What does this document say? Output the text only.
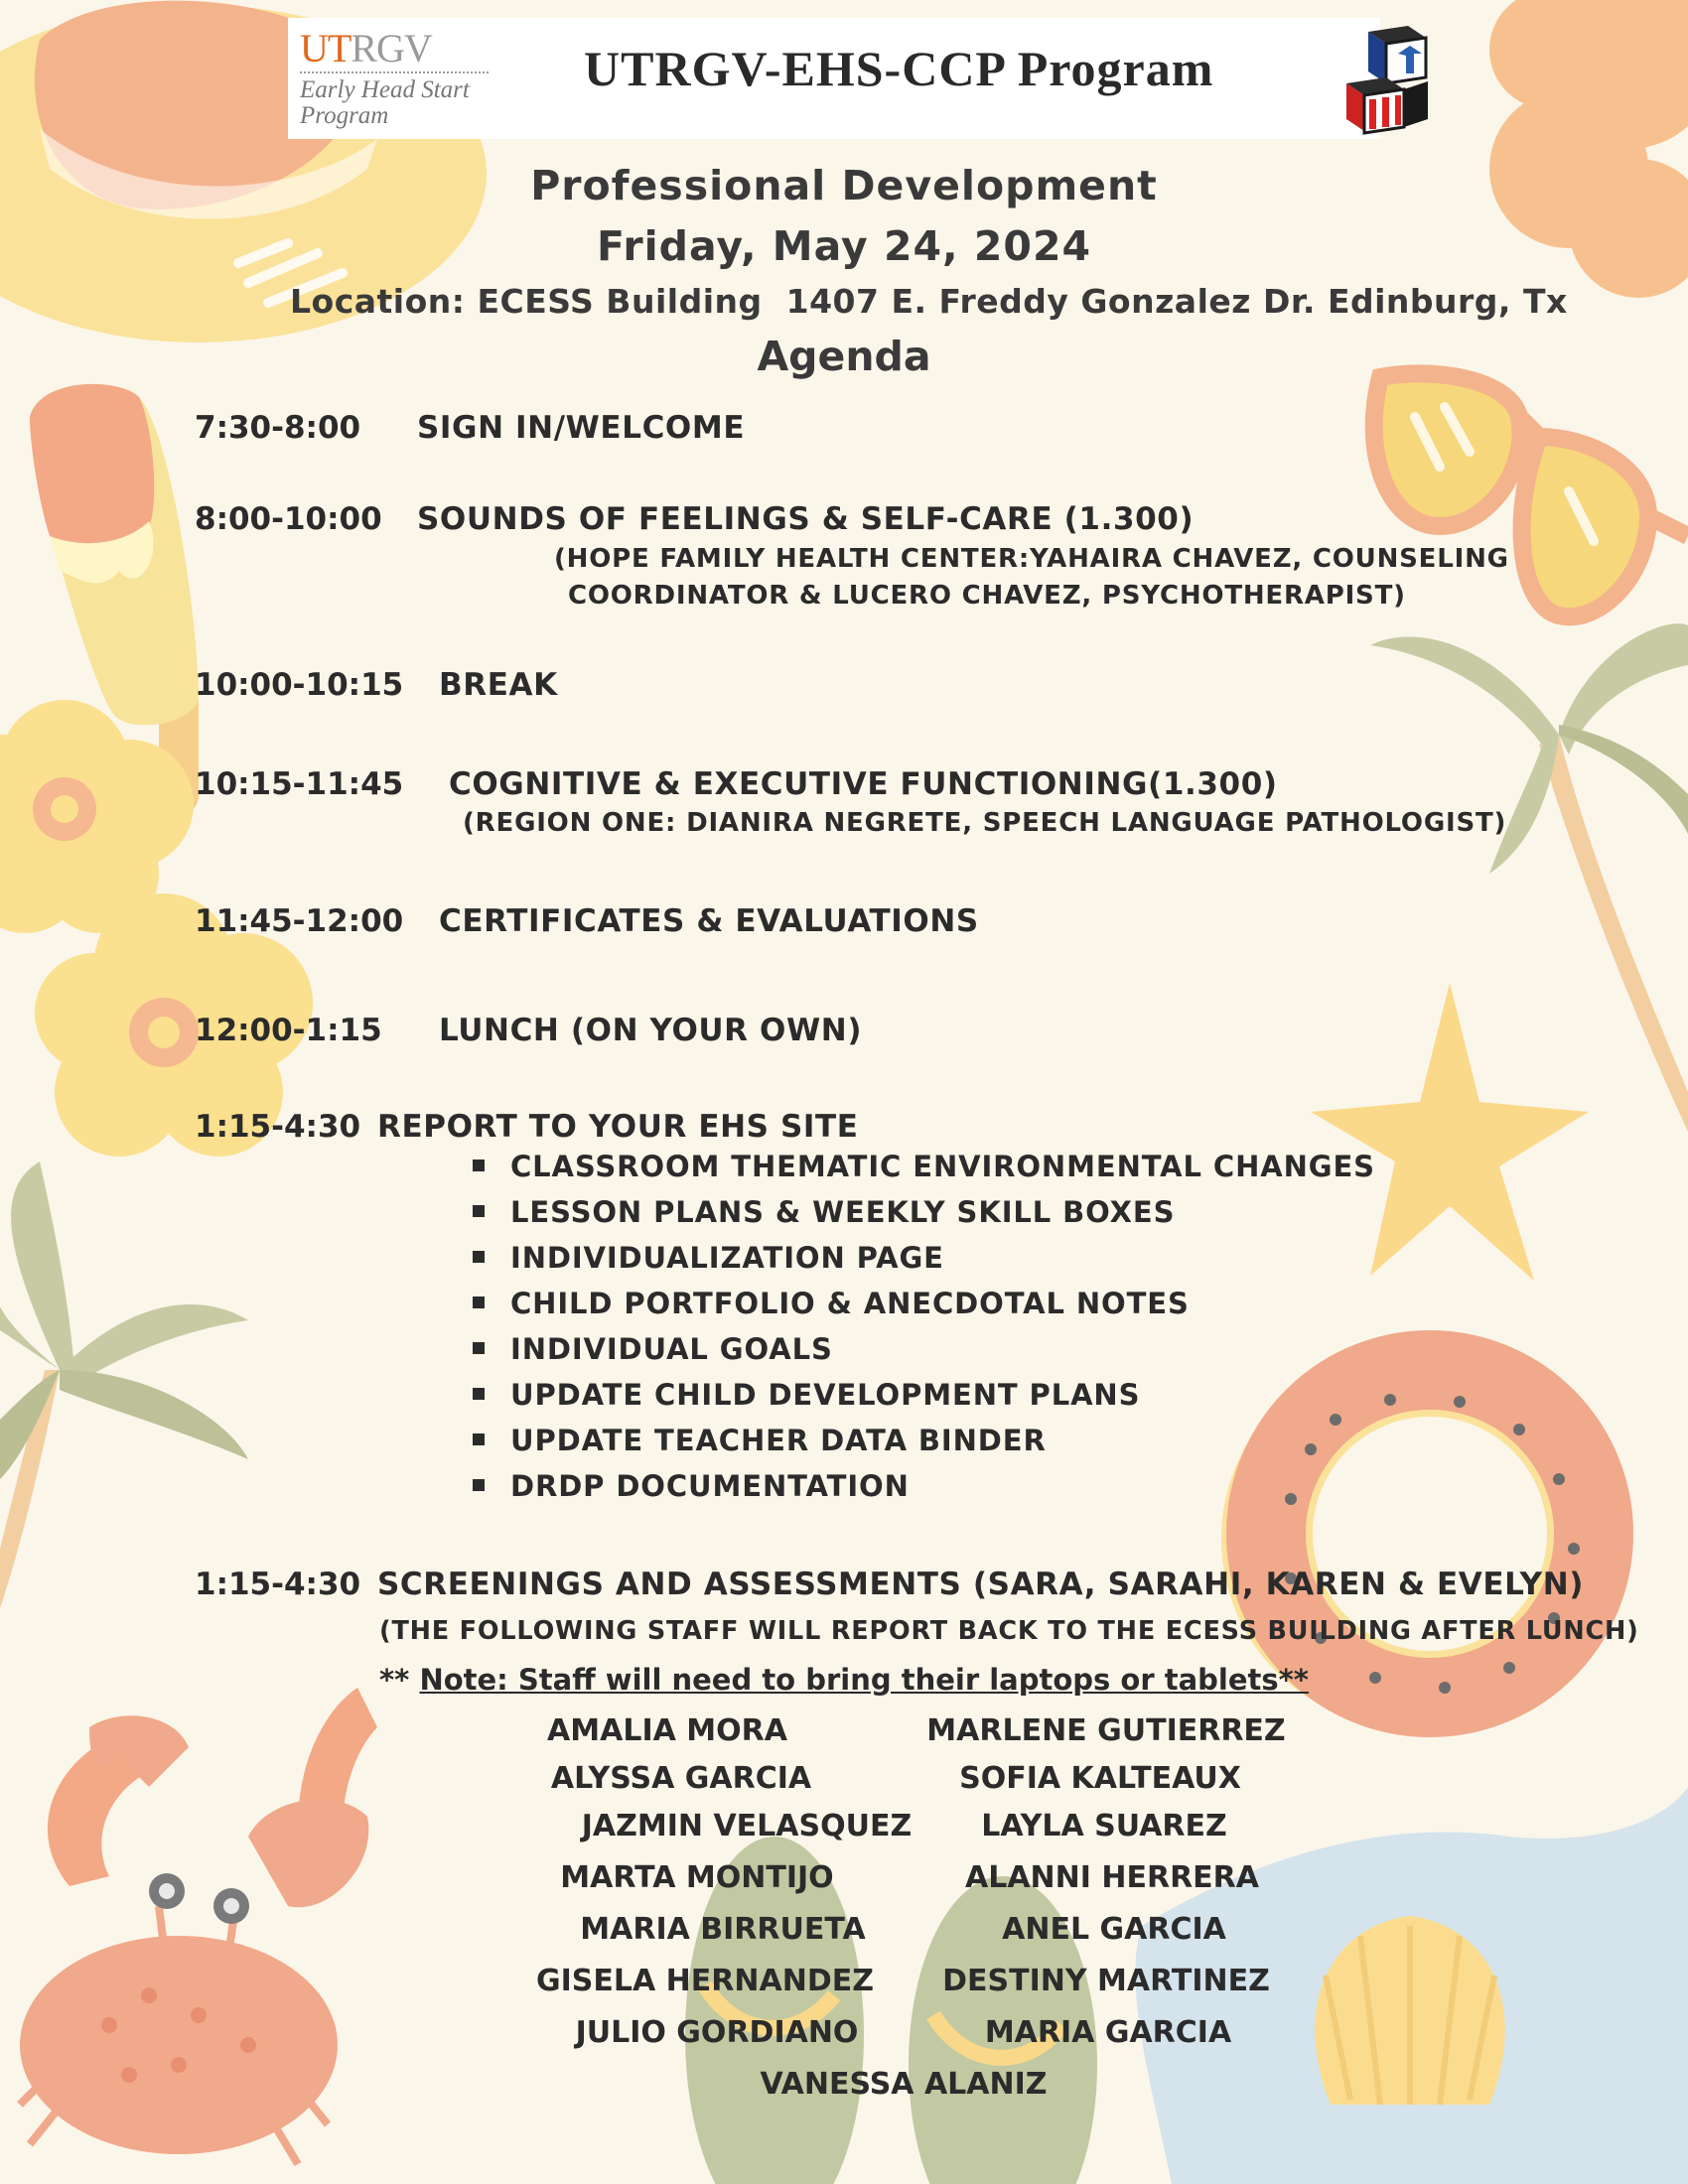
UTRGV
Early Head Start
Program
UTRGV-EHS-CCP Program
Professional Development
Friday, May 24, 2024
Location: ECESS Building  1407 E. Freddy Gonzalez Dr. Edinburg, Tx
Agenda
7:30-8:00 SIGN IN/WELCOME
8:00-10:00 SOUNDS OF FEELINGS & SELF-CARE (1.300)
(HOPE FAMILY HEALTH CENTER:YAHAIRA CHAVEZ, COUNSELING
COORDINATOR & LUCERO CHAVEZ, PSYCHOTHERAPIST)
10:00-10:15 BREAK
10:15-11:45 COGNITIVE & EXECUTIVE FUNCTIONING(1.300)
(REGION ONE: DIANIRA NEGRETE, SPEECH LANGUAGE PATHOLOGIST)
11:45-12:00 CERTIFICATES & EVALUATIONS
12:00-1:15 LUNCH (ON YOUR OWN)
1:15-4:30 REPORT TO YOUR EHS SITE
CLASSROOM THEMATIC ENVIRONMENTAL CHANGES
LESSON PLANS & WEEKLY SKILL BOXES
INDIVIDUALIZATION PAGE
CHILD PORTFOLIO & ANECDOTAL NOTES
INDIVIDUAL GOALS
UPDATE CHILD DEVELOPMENT PLANS
UPDATE TEACHER DATA BINDER
DRDP DOCUMENTATION
1:15-4:30 SCREENINGS AND ASSESSMENTS (SARA, SARAHI, KAREN & EVELYN)
(THE FOLLOWING STAFF WILL REPORT BACK TO THE ECESS BUILDING AFTER LUNCH)
** Note: Staff will need to bring their laptops or tablets**
AMALIA MORA
ALYSSA GARCIA
JAZMIN VELASQUEZ
MARTA MONTIJO
MARIA BIRRUETA
GISELA HERNANDEZ
JULIO GORDIANO
MARLENE GUTIERREZ
SOFIA KALTEAUX
LAYLA SUAREZ
ALANNI HERRERA
ANEL GARCIA
DESTINY MARTINEZ
MARIA GARCIA
VANESSA ALANIZ
